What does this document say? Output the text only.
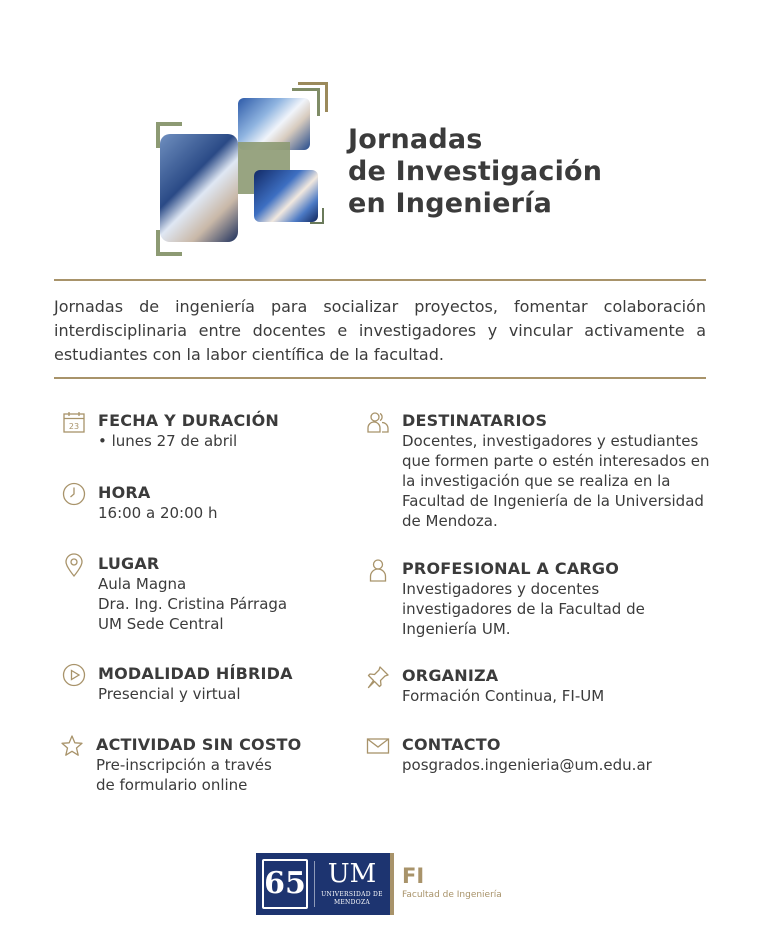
Jornadas
de Investigación
en Ingeniería

Jornadas de ingeniería para socializar proyectos, fomentar colaboración interdisciplinaria entre docentes e investigadores y vincular activamente a estudiantes con la labor científica de la facultad.

23 FECHA Y DURACIÓN
• lunes 27 de abril
HORA
16:00 a 20:00 h
LUGAR
Aula Magna
Dra. Ing. Cristina Párraga
UM Sede Central
MODALIDAD HÍBRIDA
Presencial y virtual
ACTIVIDAD SIN COSTO
Pre-inscripción a través
de formulario online
DESTINATARIOS
Docentes, investigadores y estudiantes
que formen parte o estén interesados en
la investigación que se realiza en la
Facultad de Ingeniería de la Universidad
de Mendoza.
PROFESIONAL A CARGO
Investigadores y docentes
investigadores de la Facultad de
Ingeniería UM.
ORGANIZA
Formación Continua, FI-UM
CONTACTO
posgrados.ingenieria@um.edu.ar
65 UM
UNIVERSIDAD DE MENDOZA
FI
Facultad de Ingeniería
